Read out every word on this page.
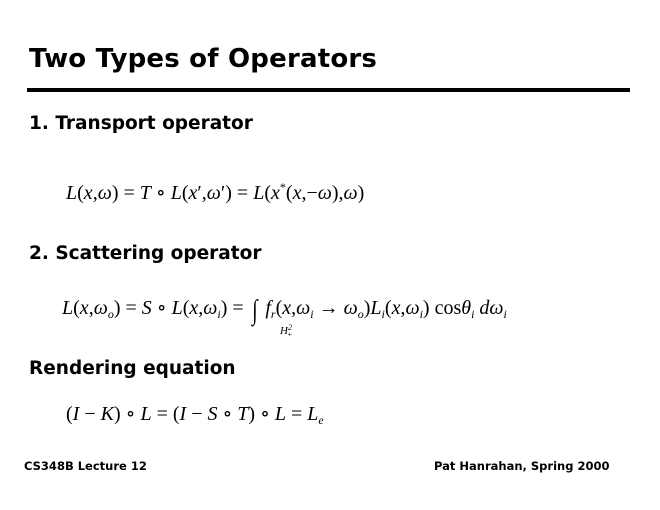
Two Types of Operators
1. Transport operator
L(x,ω) = T ∘ L(x′,ω′) = L(x*(x,−ω),ω)
2. Scattering operator
$L(x,\omega_o) = S$ ∘ $L(x,\omega_i)$ = ∫ $f_r(x,\omega_i \to \omega_o)L_i(x,\omega_i)$ cosθ$_i$ $d\omega_i$
$H^2_+$
Rendering equation
(I − K) ∘ L = (I − S ∘ T) ∘ $L = L_e$
CS348B Lecture 12	Pat Hanrahan, Spring 2000
